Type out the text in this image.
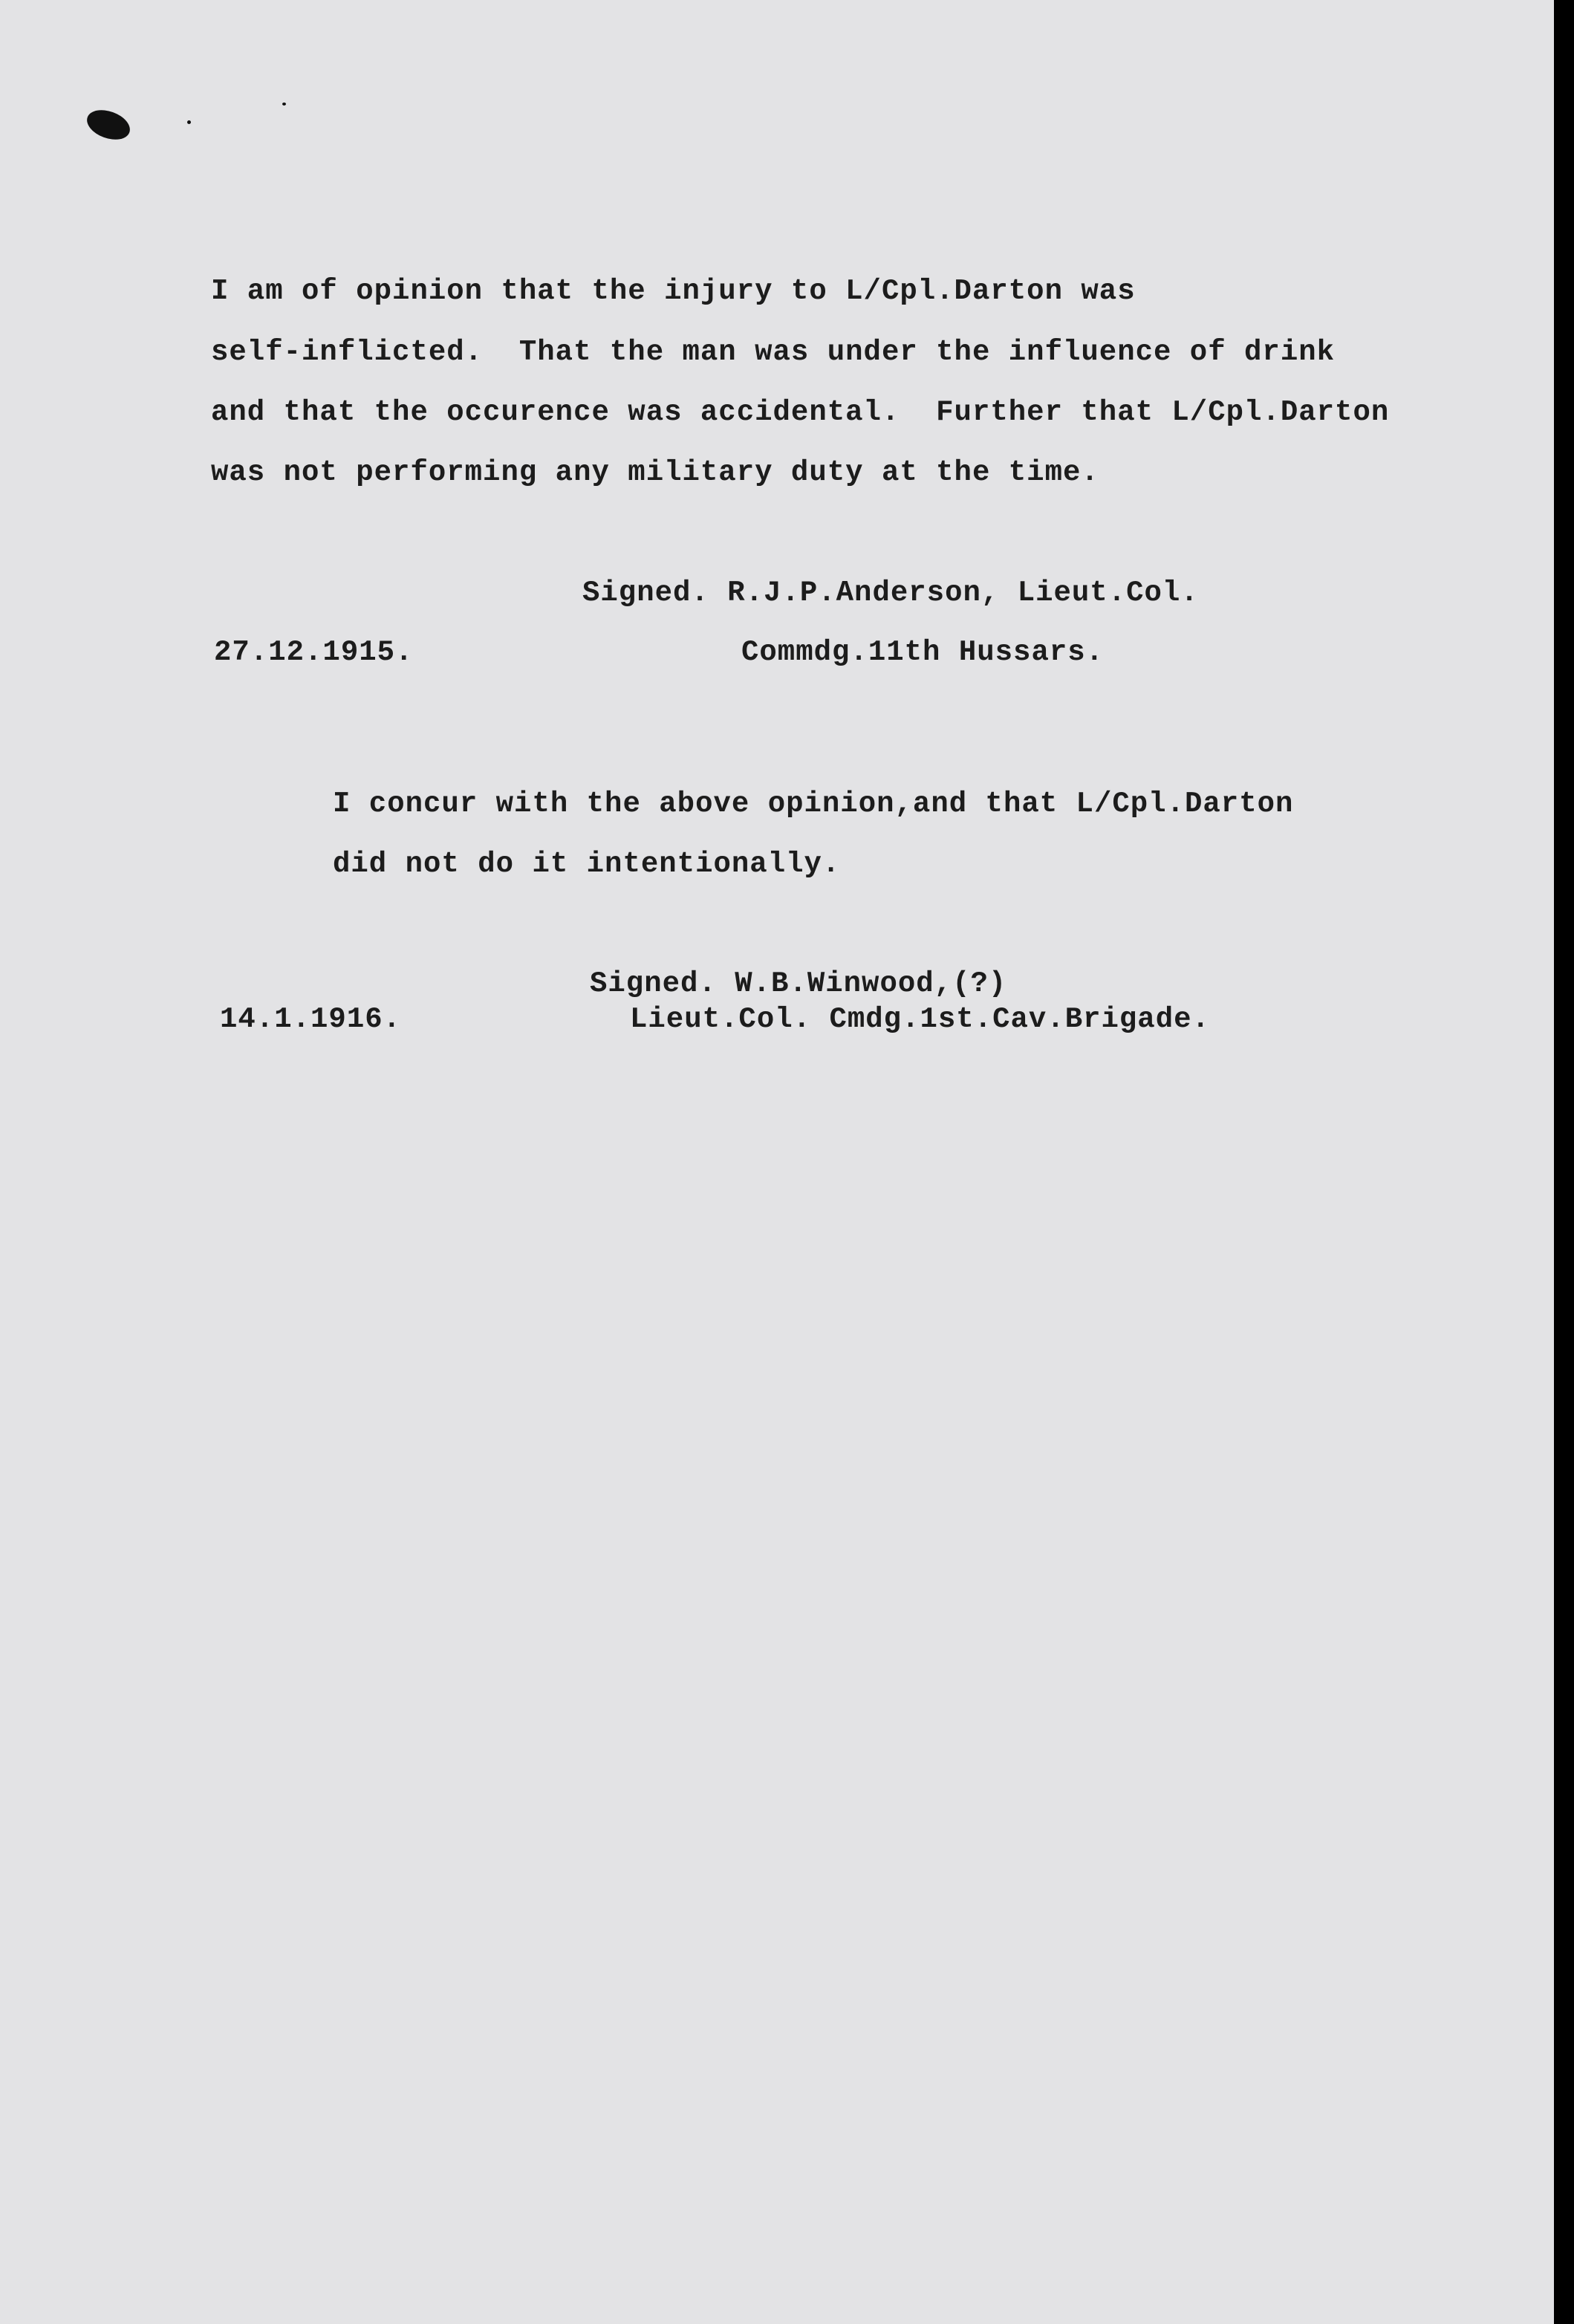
I am of opinion that the injury to L/Cpl.Darton was
self-inflicted.  That the man was under the influence of drink
and that the occurence was accidental.  Further that L/Cpl.Darton
was not performing any military duty at the time.
Signed. R.J.P.Anderson, Lieut.Col.
27.12.1915.	Commdg.11th Hussars.
I concur with the above opinion,and that L/Cpl.Darton
did not do it intentionally.
Signed. W.B.Winwood,(?)
14.1.1916.	Lieut.Col. Cmdg.1st.Cav.Brigade.
